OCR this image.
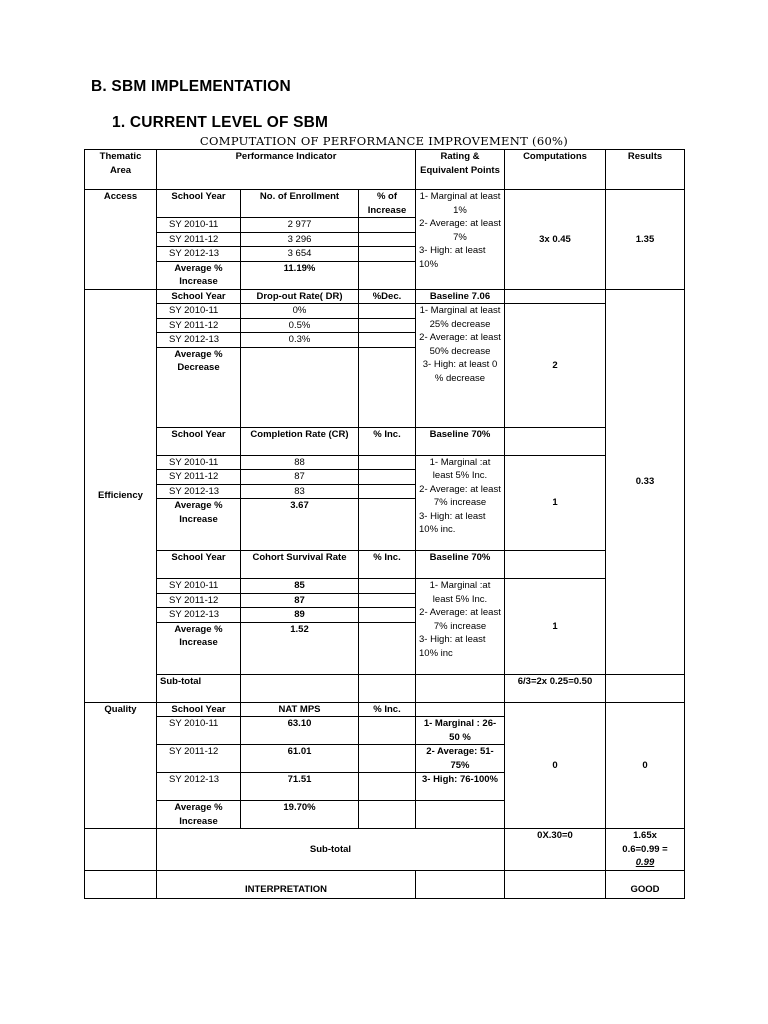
B. SBM IMPLEMENTATION
1. CURRENT LEVEL OF SBM
COMPUTATION OF PERFORMANCE IMPROVEMENT (60%)
Thematic Area	Performance Indicator			Rating & Equivalent Points	Computations	Results
Access	School Year	No. of Enrollment	% of Increase	1- Marginal at least 1%
2- Average: at least 7%
3- High: at least 10%	3x 0.45	1.35
	SY 2010-11	2 977				
	SY 2011-12	3 296				
	SY 2012-13	3 654				
	Average % Increase	11.19%				
Efficiency	School Year	Drop-out Rate( DR)	%Dec.	Baseline 7.06		0.33
	SY 2010-11	0%		1- Marginal at least 25% decrease
2- Average: at least 50% decrease
3- High: at least 0 % decrease	2	
	SY 2011-12	0.5%				
	SY 2012-13	0.3%				
	Average % Decrease					
	School Year	Completion Rate (CR)	% Inc.	Baseline 70%		
	SY 2010-11	88		1- Marginal :at least 5% Inc.
2- Average: at least 7% increase
3- High: at least 10% inc.	1	
	SY 2011-12	87				
	SY 2012-13	83				
	Average % Increase	3.67				
	School Year	Cohort Survival Rate	% Inc.	Baseline 70%		
	SY 2010-11	85		1- Marginal :at least 5% Inc.
2- Average: at least 7% increase
3- High: at least 10% inc	1	
	SY 2011-12	87				
	SY 2012-13	89				
	Average % Increase	1.52				
	Sub-total				6/3=2x 0.25=0.50	
Quality	School Year	NAT MPS	% Inc.		0	0
	SY 2010-11	63.10		1- Marginal : 26-50 %		
	SY 2011-12	61.01		2- Average: 51-75%		
	SY 2012-13	71.51		3- High: 76-100%		
	Average % Increase	19.70%				
	Sub-total				0X.30=0	1.65x
0.6=0.99 =
0.99

	INTERPRETATION					GOOD
